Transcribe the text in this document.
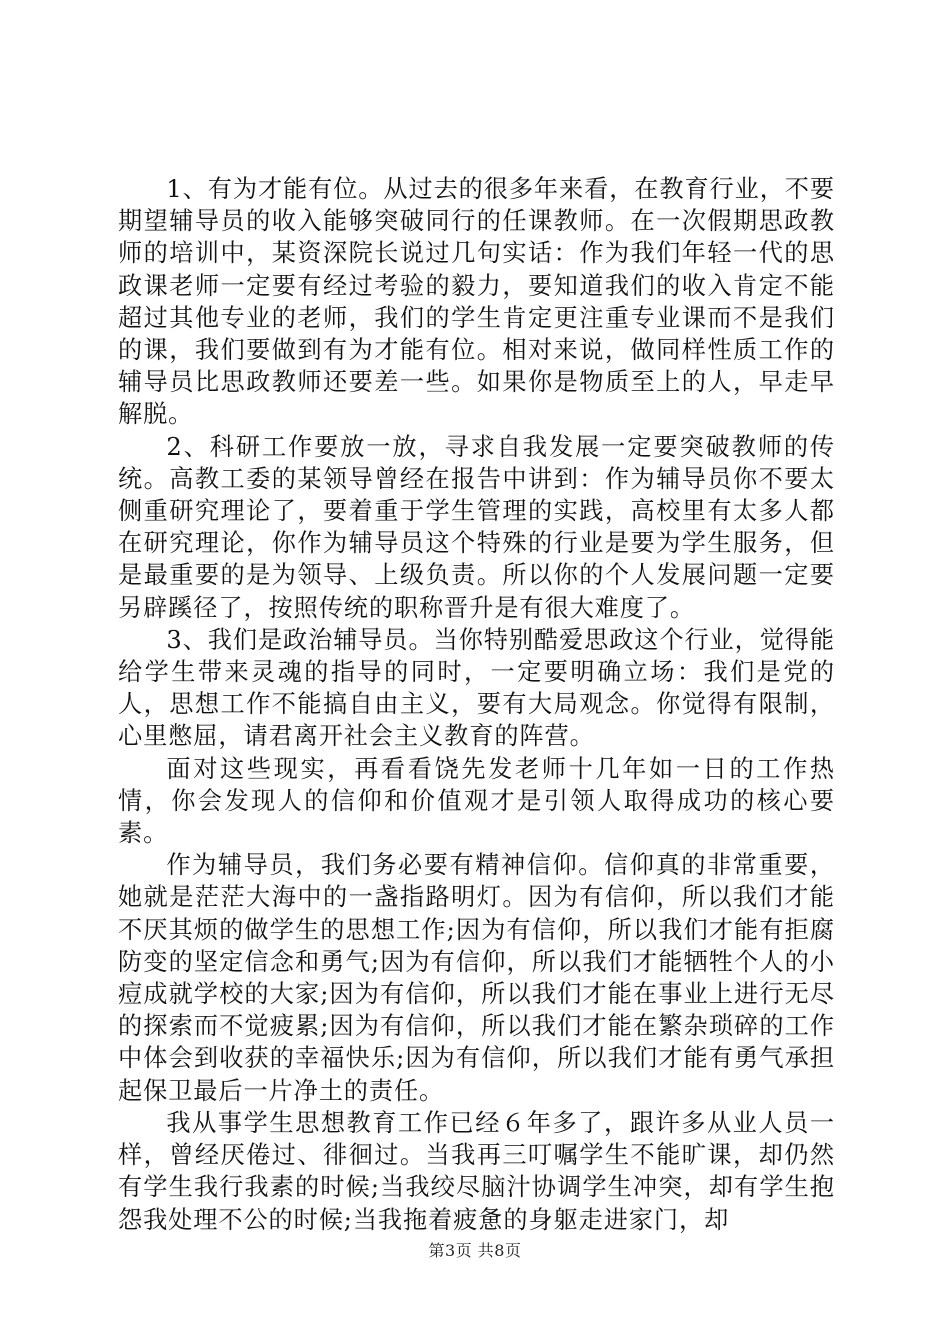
1、有为才能有位。从过去的很多年来看，在教育行业，不要期望辅导员的收入能够突破同行的任课教师。在一次假期思政教师的培训中，某资深院长说过几句实话：作为我们年轻一代的思政课老师一定要有经过考验的毅力，要知道我们的收入肯定不能超过其他专业的老师，我们的学生肯定更注重专业课而不是我们的课，我们要做到有为才能有位。相对来说，做同样性质工作的辅导员比思政教师还要差一些。如果你是物质至上的人，早走早解脱。

2、科研工作要放一放，寻求自我发展一定要突破教师的传统。高教工委的某领导曾经在报告中讲到：作为辅导员你不要太侧重研究理论了，要着重于学生管理的实践，高校里有太多人都在研究理论，你作为辅导员这个特殊的行业是要为学生服务，但是最重要的是为领导、上级负责。所以你的个人发展问题一定要另辟蹊径了，按照传统的职称晋升是有很大难度了。

3、我们是政治辅导员。当你特别酷爱思政这个行业，觉得能给学生带来灵魂的指导的同时，一定要明确立场：我们是党的人，思想工作不能搞自由主义，要有大局观念。你觉得有限制，心里憋屈，请君离开社会主义教育的阵营。

面对这些现实，再看看饶先发老师十几年如一日的工作热情，你会发现人的信仰和价值观才是引领人取得成功的核心要素。

作为辅导员，我们务必要有精神信仰。信仰真的非常重要，她就是茫茫大海中的一盏指路明灯。因为有信仰，所以我们才能不厌其烦的做学生的思想工作;因为有信仰，所以我们才能有拒腐防变的坚定信念和勇气;因为有信仰，所以我们才能牺牲个人的小痘成就学校的大家;因为有信仰，所以我们才能在事业上进行无尽的探索而不觉疲累;因为有信仰，所以我们才能在繁杂琐碎的工作中体会到收获的幸福快乐;因为有信仰，所以我们才能有勇气承担起保卫最后一片净土的责任。

我从事学生思想教育工作已经６年多了，跟许多从业人员一样，曾经厌倦过、徘徊过。当我再三叮嘱学生不能旷课，却仍然有学生我行我素的时候;当我绞尽脑汁协调学生冲突，却有学生抱怨我处理不公的时候;当我拖着疲惫的身躯走进家门，却

第3页 共8页
